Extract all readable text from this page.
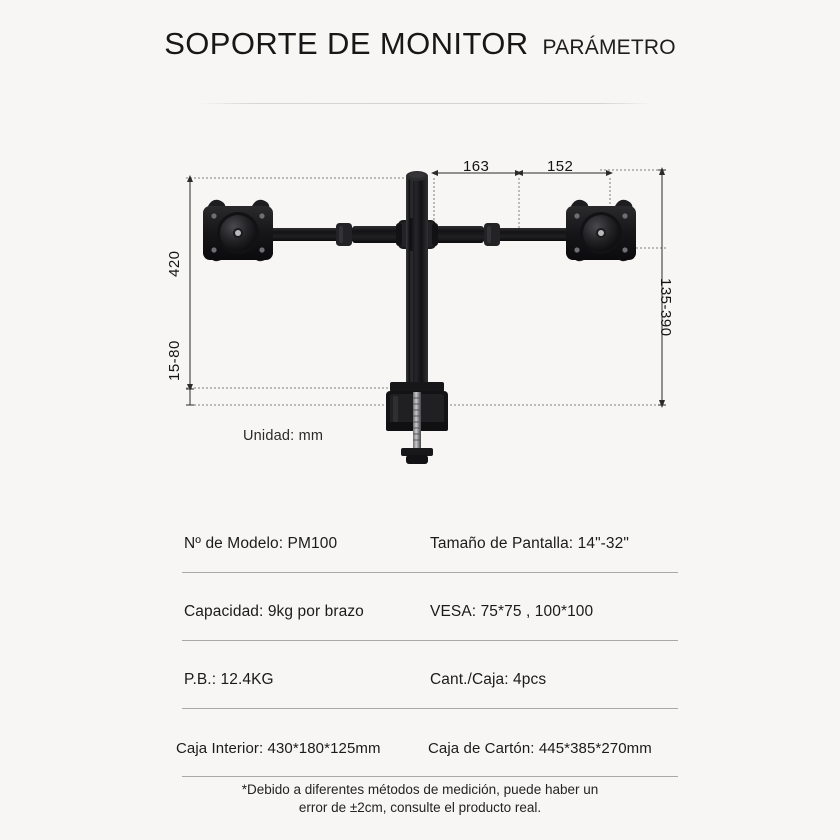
SOPORTE DE MONITOR PARÁMETRO
420
15-80
135-390
163	152
Unidad: mm
Nº de Modelo: PM100	Tamaño de Pantalla: 14"-32"
Capacidad: 9kg por brazo	VESA: 75*75 , 100*100
P.B.: 12.4KG	Cant./Caja: 4pcs
Caja Interior: 430*180*125mm	Caja de Cartón: 445*385*270mm
*Debido a diferentes métodos de medición, puede haber un
error de ±2cm, consulte el producto real.
